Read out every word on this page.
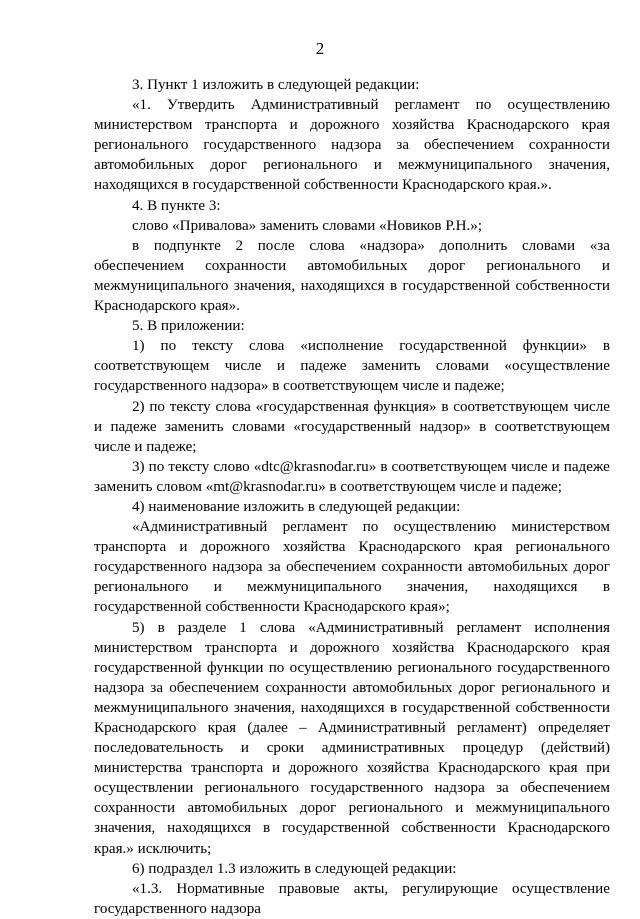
2
3. Пункт 1 изложить в следующей редакции:
«1. Утвердить Административный регламент по осуществлению
министерством транспорта и дорожного хозяйства Краснодарского края
регионального государственного надзора за обеспечением сохранности
автомобильных дорог регионального и межмуниципального значения,
находящихся в государственной собственности Краснодарского края.».
4. В пункте 3:
слово «Привалова» заменить словами «Новиков Р.Н.»;
в подпункте 2 после слова «надзора» дополнить словами «за
обеспечением сохранности автомобильных дорог регионального и
межмуниципального значения, находящихся в государственной собственности
Краснодарского края».
5. В приложении:
1) по тексту слова «исполнение государственной функции» в
соответствующем числе и падеже заменить словами «осуществление
государственного надзора» в соответствующем числе и падеже;
2) по тексту слова «государственная функция» в соответствующем числе
и падеже заменить словами «государственный надзор» в соответствующем
числе и падеже;
3) по тексту слово «dtc@krasnodar.ru» в соответствующем числе и падеже
заменить словом «mt@krasnodar.ru» в соответствующем числе и падеже;
4) наименование изложить в следующей редакции:
«Административный регламент по осуществлению министерством
транспорта и дорожного хозяйства Краснодарского края регионального
государственного надзора за обеспечением сохранности автомобильных дорог
регионального и межмуниципального значения, находящихся в
государственной собственности Краснодарского края»;
5) в разделе 1 слова «Административный регламент исполнения
министерством транспорта и дорожного хозяйства Краснодарского края
государственной функции по осуществлению регионального государственного
надзора за обеспечением сохранности автомобильных дорог регионального и
межмуниципального значения, находящихся в государственной собственности
Краснодарского края (далее – Административный регламент) определяет
последовательность и сроки административных процедур (действий)
министерства транспорта и дорожного хозяйства Краснодарского края при
осуществлении регионального государственного надзора за обеспечением
сохранности автомобильных дорог регионального и межмуниципального
значения, находящихся в государственной собственности Краснодарского
края.» исключить;
6) подраздел 1.3 изложить в следующей редакции:
«1.3. Нормативные правовые акты, регулирующие осуществление
государственного надзора
